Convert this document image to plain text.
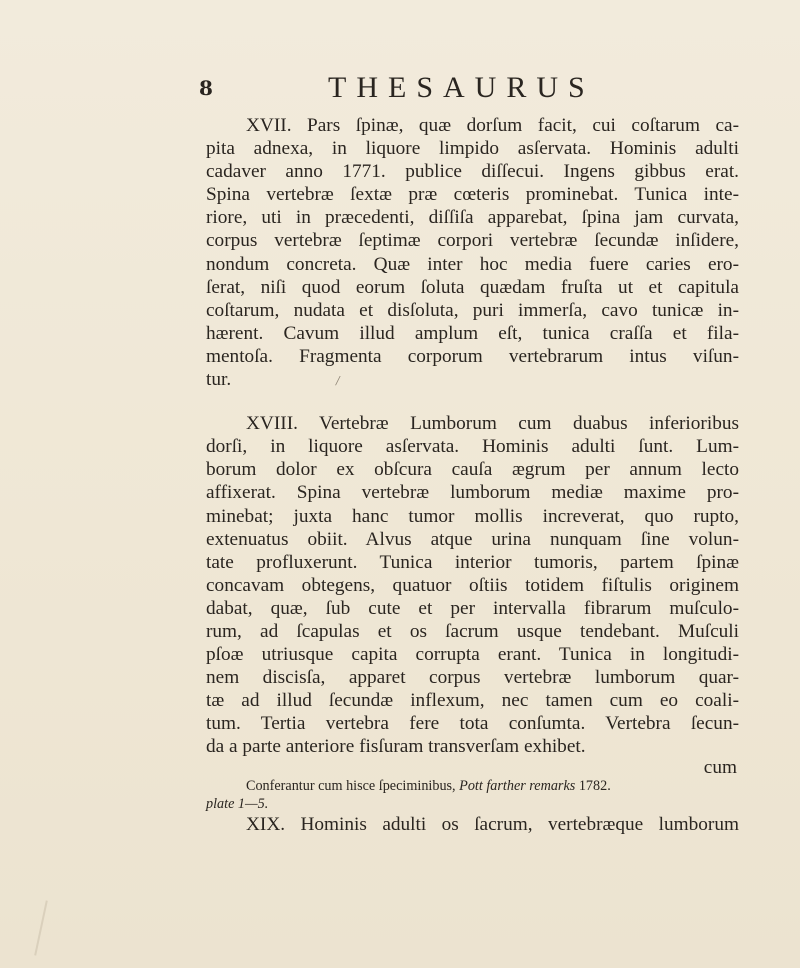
8	THESAURUS
XVII. Pars ſpinæ, quæ dorſum facit, cui coſtarum ca-
pita adnexa, in liquore limpido asſervata. Hominis adulti
cadaver anno 1771. publice diſſecui. Ingens gibbus erat.
Spina vertebræ ſextæ præ cœteris prominebat. Tunica inte-
riore, uti in præcedenti, diſſiſa apparebat, ſpina jam curvata,
corpus vertebræ ſeptimæ corpori vertebræ ſecundæ inſidere,
nondum concreta. Quæ inter hoc media fuere caries ero-
ſerat, niſi quod eorum ſoluta quædam fruſta ut et capitula
coſtarum, nudata et disſoluta, puri immerſa, cavo tunicæ in-
hærent. Cavum illud amplum eſt, tunica craſſa et fila-
mentoſa. Fragmenta corporum vertebrarum intus viſun-
tur.
XVIII. Vertebræ Lumborum cum duabus inferioribus
dorſi, in liquore asſervata. Hominis adulti ſunt. Lum-
borum dolor ex obſcura cauſa ægrum per annum lecto
affixerat. Spina vertebræ lumborum mediæ maxime pro-
minebat; juxta hanc tumor mollis increverat, quo rupto,
extenuatus obiit. Alvus atque urina nunquam ſine volun-
tate profluxerunt. Tunica interior tumoris, partem ſpinæ
concavam obtegens, quatuor oſtiis totidem fiſtulis originem
dabat, quæ, ſub cute et per intervalla fibrarum muſculo-
rum, ad ſcapulas et os ſacrum usque tendebant. Muſculi
pſoæ utriusque capita corrupta erant. Tunica in longitudi-
nem discisſa, apparet corpus vertebræ lumborum quar-
tæ ad illud ſecundæ inflexum, nec tamen cum eo coali-
tum. Tertia vertebra fere tota conſumta. Vertebra ſecun-
da a parte anteriore fisſuram transverſam exhibet.
Conferantur cum hisce ſpeciminibus, Pott farther remarks 1782.
plate 1—5.
XIX. Hominis adulti os ſacrum, vertebræque lumborum
/
cum
